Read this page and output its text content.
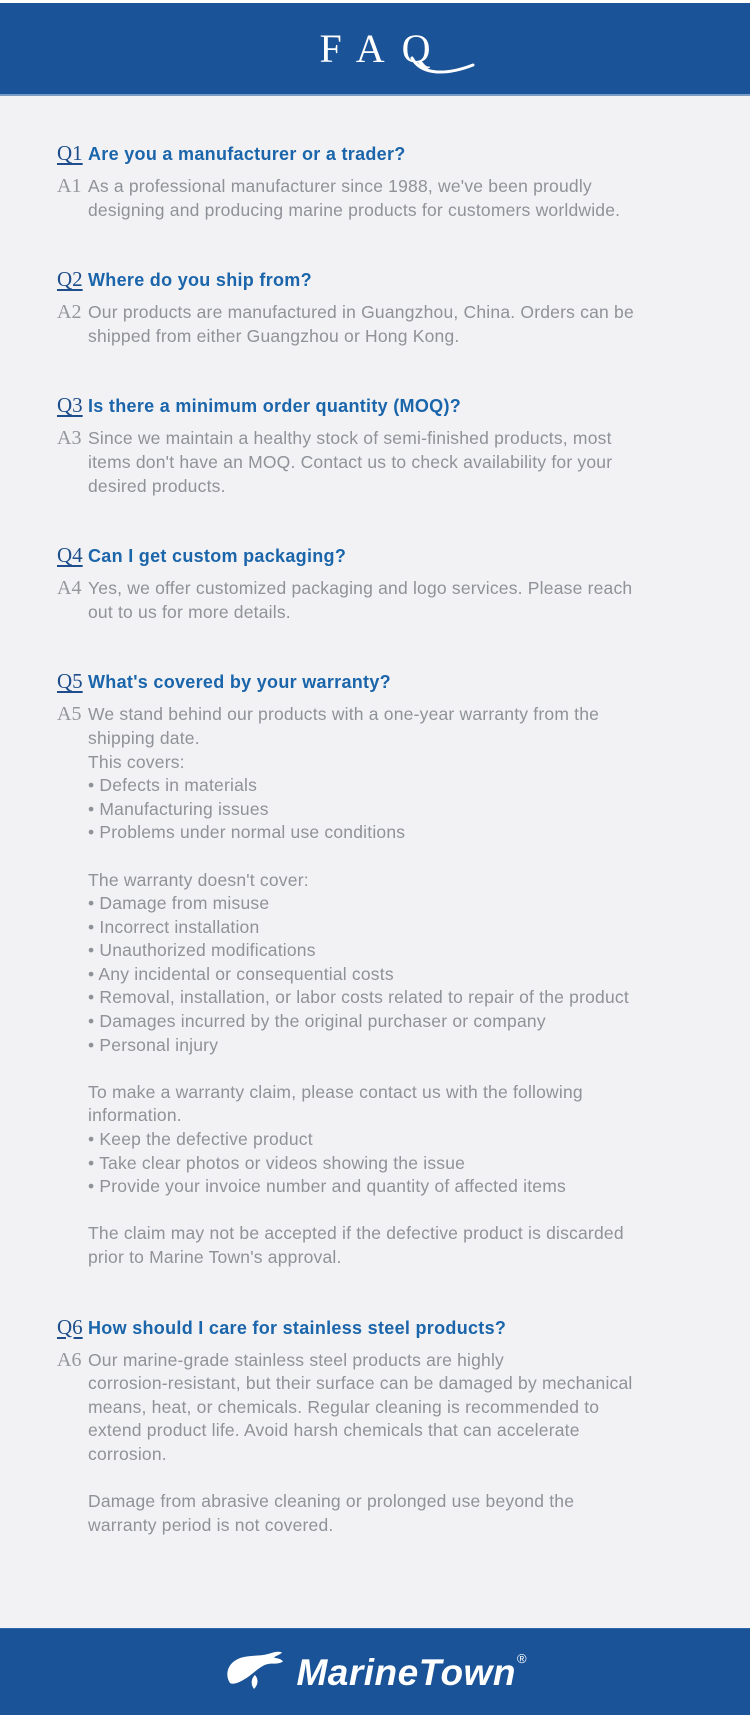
FAQ
Q1 Are you a manufacturer or a trader?
A1 As a professional manufacturer since 1988, we've been proudly
designing and producing marine products for customers worldwide.
Q2 Where do you ship from?
A2 Our products are manufactured in Guangzhou, China. Orders can be
shipped from either Guangzhou or Hong Kong.
Q3 Is there a minimum order quantity (MOQ)?
A3 Since we maintain a healthy stock of semi-finished products, most
items don't have an MOQ. Contact us to check availability for your
desired products.
Q4 Can I get custom packaging?
A4 Yes, we offer customized packaging and logo services. Please reach
out to us for more details.
Q5 What's covered by your warranty?
A5 We stand behind our products with a one-year warranty from the
shipping date.
This covers:
• Defects in materials
• Manufacturing issues
• Problems under normal use conditions
The warranty doesn't cover:
• Damage from misuse
• Incorrect installation
• Unauthorized modifications
• Any incidental or consequential costs
• Removal, installation, or labor costs related to repair of the product
• Damages incurred by the original purchaser or company
• Personal injury
To make a warranty claim, please contact us with the following
information.
• Keep the defective product
• Take clear photos or videos showing the issue
• Provide your invoice number and quantity of affected items
The claim may not be accepted if the defective product is discarded
prior to Marine Town's approval.
Q6 How should I care for stainless steel products?
A6 Our marine-grade stainless steel products are highly
corrosion-resistant, but their surface can be damaged by mechanical
means, heat, or chemicals. Regular cleaning is recommended to
extend product life. Avoid harsh chemicals that can accelerate
corrosion.
Damage from abrasive cleaning or prolonged use beyond the
warranty period is not covered.
MarineTown ®
